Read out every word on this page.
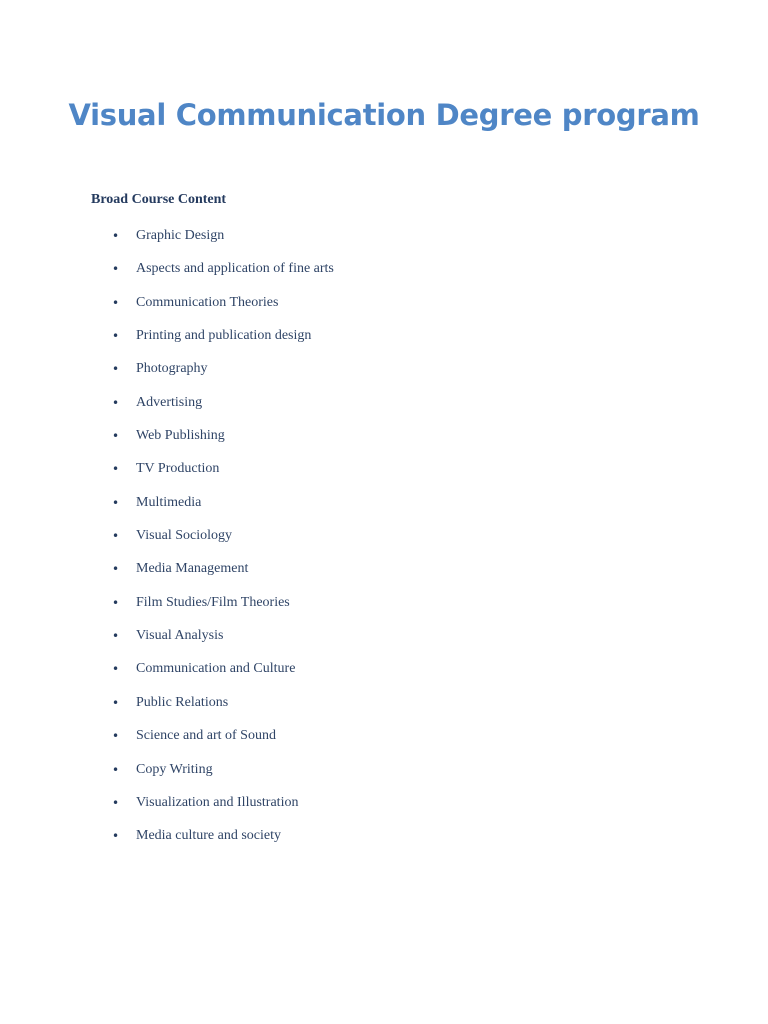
Visual Communication Degree program

Broad Course Content

• Graphic Design
• Aspects and application of fine arts
• Communication Theories
• Printing and publication design
• Photography
• Advertising
• Web Publishing
• TV Production
• Multimedia
• Visual Sociology
• Media Management
• Film Studies/Film Theories
• Visual Analysis
• Communication and Culture
• Public Relations
• Science and art of Sound
• Copy Writing
• Visualization and Illustration
• Media culture and society
